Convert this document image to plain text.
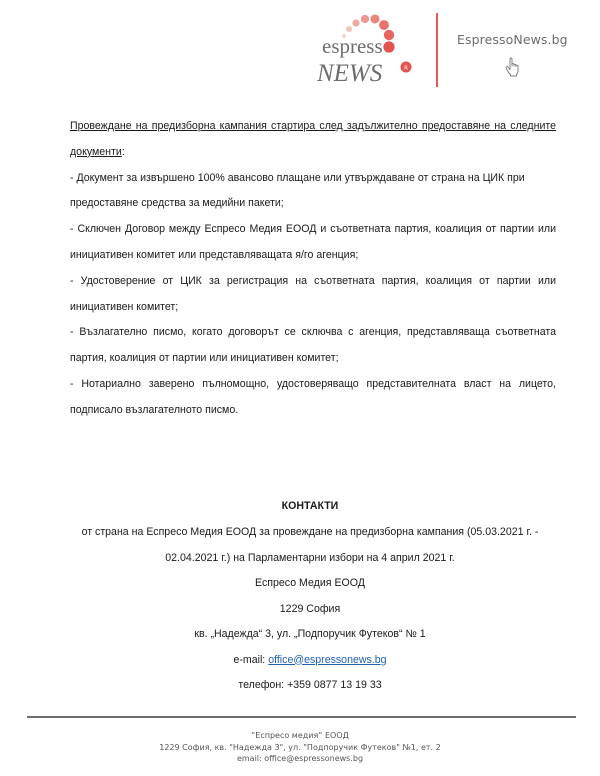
espress
NEWS	R
EspressoNews.bg

Провеждане на предизборна кампания стартира след задължително предоставяне на следните документи:

- Документ за извършено 100% авансово плащане или утвърждаване от страна на ЦИК при
предоставяне средства за медийни пакети;

- Сключен Договор между Еспресо Медия ЕООД и съответната партия, коалиция от партии или
инициативен комитет или представляващата я/го агенция;

- Удостоверение от ЦИК за регистрация на съответната партия, коалиция от партии или
инициативен комитет;

- Възлагателно писмо, когато договорът се сключва с агенция, представляваща съответната
партия, коалиция от партии или инициативен комитет;

- Нотариално заверено пълномощно, удостоверяващо представителната власт на лицето,
подписало възлагателното писмо.

КОНТАКТИ
от страна на Еспресо Медия ЕООД за провеждане на предизборна кампания (05.03.2021 г. -
02.04.2021 г.) на Парламентарни избори на 4 април 2021 г.
Еспресо Медия ЕООД
1229 София
кв. „Надежда“ 3, ул. „Подпоручик Футеков“ № 1
e-mail: office@espressonews.bg
телефон: +359 0877 13 19 33
“Еспресо медия” ЕООД
1229 София, кв. "Надежда 3", ул. "Подпоручик Футеков" №1, ет. 2
email: office@espressonews.bg
